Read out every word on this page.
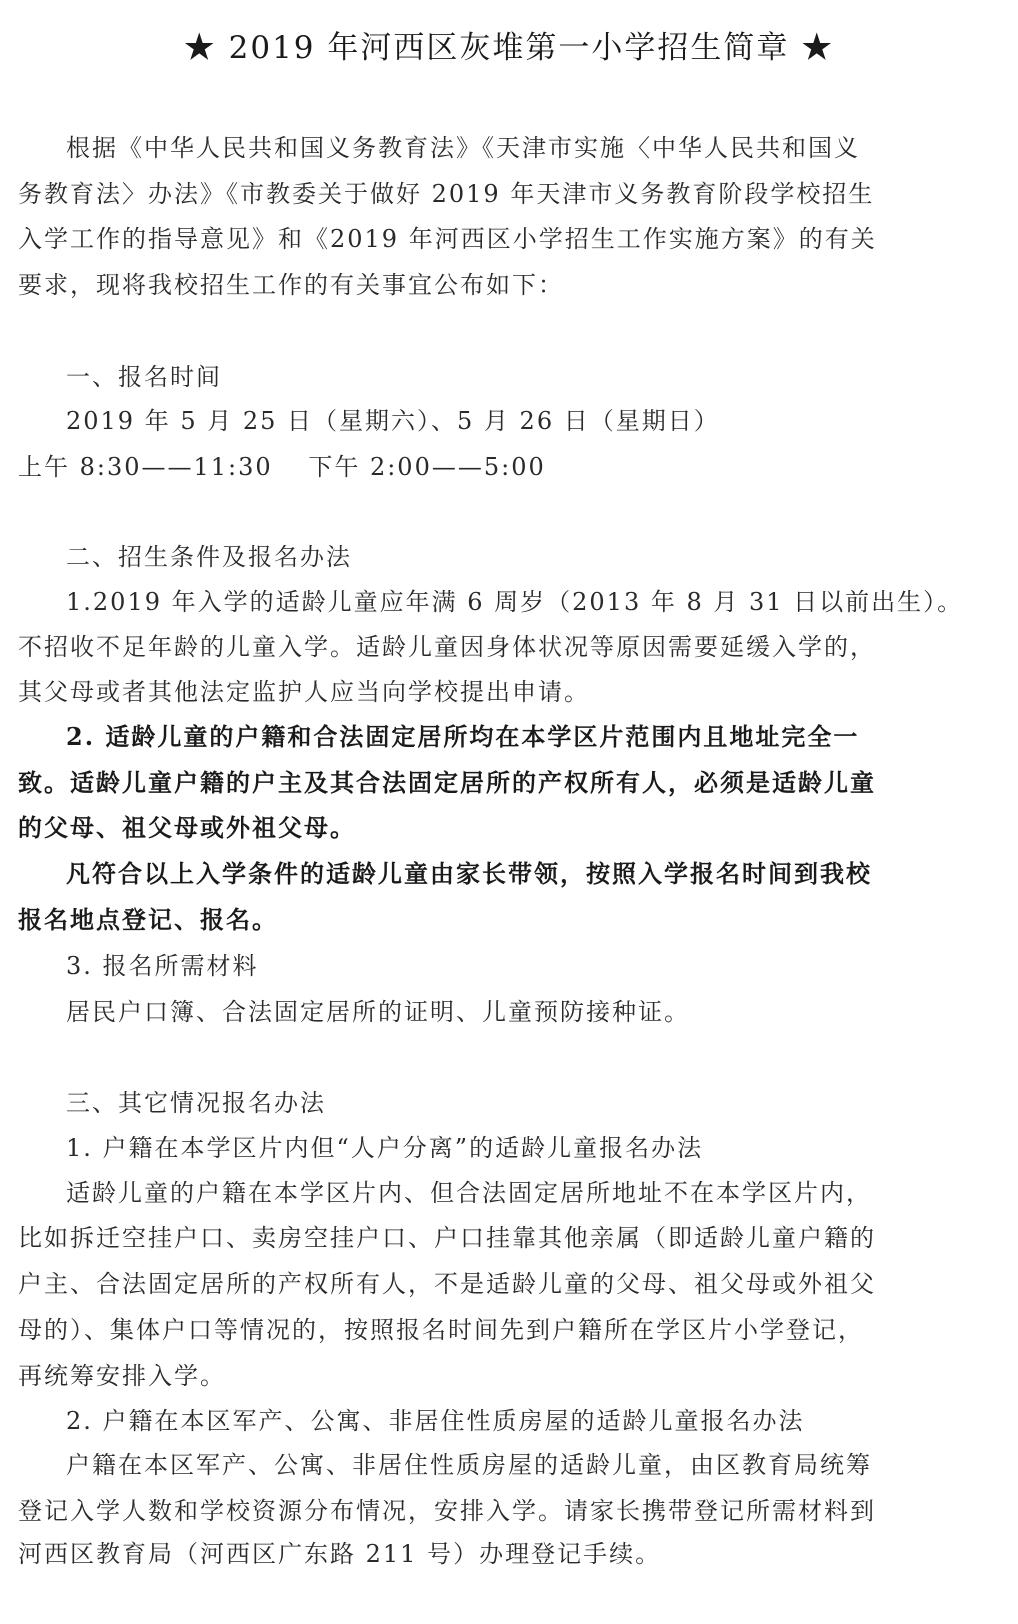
★ 2019 年河西区灰堆第一小学招生简章 ★
根据《中华人民共和国义务教育法》《天津市实施〈中华人民共和国义
务教育法〉办法》《市教委关于做好 2019 年天津市义务教育阶段学校招生
入学工作的指导意见》和《2019 年河西区小学招生工作实施方案》的有关
要求，现将我校招生工作的有关事宜公布如下：
一、报名时间
2019 年 5 月 25 日（星期六）、5 月 26 日（星期日）
上午 8:30——11:30　 下午 2:00——5:00
二、招生条件及报名办法
1.2019 年入学的适龄儿童应年满 6 周岁（2013 年 8 月 31 日以前出生）。
不招收不足年龄的儿童入学。适龄儿童因身体状况等原因需要延缓入学的，
其父母或者其他法定监护人应当向学校提出申请。
2. 适龄儿童的户籍和合法固定居所均在本学区片范围内且地址完全一
致。适龄儿童户籍的户主及其合法固定居所的产权所有人，必须是适龄儿童
的父母、祖父母或外祖父母。
凡符合以上入学条件的适龄儿童由家长带领，按照入学报名时间到我校
报名地点登记、报名。
3. 报名所需材料
居民户口簿、合法固定居所的证明、儿童预防接种证。
三、其它情况报名办法
1. 户籍在本学区片内但“人户分离”的适龄儿童报名办法
适龄儿童的户籍在本学区片内、但合法固定居所地址不在本学区片内，
比如拆迁空挂户口、卖房空挂户口、户口挂靠其他亲属（即适龄儿童户籍的
户主、合法固定居所的产权所有人，不是适龄儿童的父母、祖父母或外祖父
母的）、集体户口等情况的，按照报名时间先到户籍所在学区片小学登记，
再统筹安排入学。
2. 户籍在本区军产、公寓、非居住性质房屋的适龄儿童报名办法
户籍在本区军产、公寓、非居住性质房屋的适龄儿童，由区教育局统筹
登记入学人数和学校资源分布情况，安排入学。请家长携带登记所需材料到
河西区教育局（河西区广东路 211 号）办理登记手续。
